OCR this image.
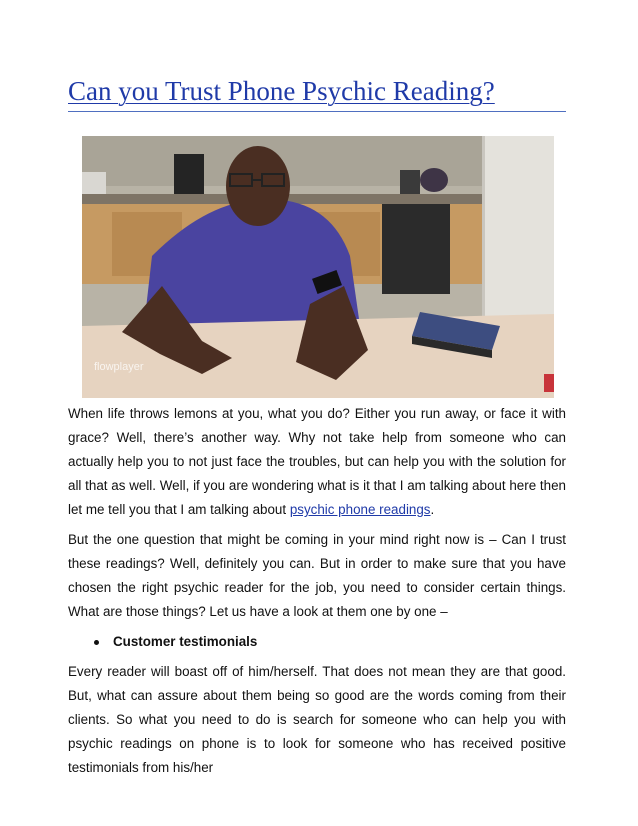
Can you Trust Phone Psychic Reading?
flowplayer

When life throws lemons at you, what you do? Either you run away, or face it with grace? Well, there’s another way. Why not take help from someone who can actually help you to not just face the troubles, but can help you with the solution for all that as well. Well, if you are wondering what is it that I am talking about here then let me tell you that I am talking about psychic phone readings.

But the one question that might be coming in your mind right now is – Can I trust these readings? Well, definitely you can. But in order to make sure that you have chosen the right psychic reader for the job, you need to consider certain things. What are those things? Let us have a look at them one by one –

Customer testimonials

Every reader will boast off of him/herself. That does not mean they are that good. But, what can assure about them being so good are the words coming from their clients. So what you need to do is search for someone who can help you with psychic readings on phone is to look for someone who has received positive testimonials from his/her
